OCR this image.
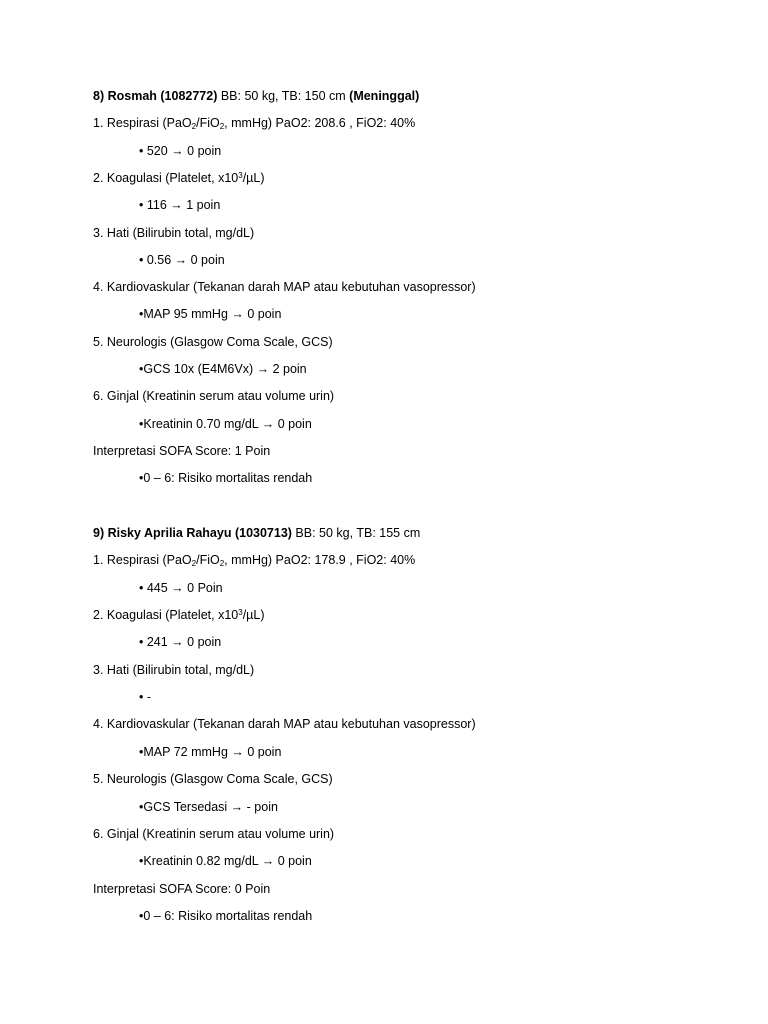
8) Rosmah (1082772) BB: 50 kg, TB: 150 cm (Meninggal)
1. Respirasi (PaO$_2$/FiO$_2$, mmHg) PaO2: 208.6 , FiO2: 40%
• 520 → 0 poin
2. Koagulasi (Platelet, $x10^3/\mu L$)
• 116 → 1 poin
3. Hati (Bilirubin total, mg/dL)
• 0.56 → 0 poin
4. Kardiovaskular (Tekanan darah MAP atau kebutuhan vasopressor)
•MAP 95 mmHg → 0 poin
5. Neurologis (Glasgow Coma Scale, GCS)
•GCS 10x (E4M6Vx) → 2 poin
6. Ginjal (Kreatinin serum atau volume urin)
•Kreatinin 0.70 mg/dL → 0 poin
Interpretasi SOFA Score: 1 Poin
•0 – 6: Risiko mortalitas rendah
9) Risky Aprilia Rahayu (1030713) BB: 50 kg, TB: 155 cm
1. Respirasi (PaO$_2$/FiO$_2$, mmHg) PaO2: 178.9 , FiO2: 40%
• 445 → 0 Poin
2. Koagulasi (Platelet, $x10^3/\mu L$)
• 241 → 0 poin
3. Hati (Bilirubin total, mg/dL)
• -
4. Kardiovaskular (Tekanan darah MAP atau kebutuhan vasopressor)
•MAP 72 mmHg → 0 poin
5. Neurologis (Glasgow Coma Scale, GCS)
•GCS Tersedasi → - poin
6. Ginjal (Kreatinin serum atau volume urin)
•Kreatinin 0.82 mg/dL → 0 poin
Interpretasi SOFA Score: 0 Poin
•0 – 6: Risiko mortalitas rendah
